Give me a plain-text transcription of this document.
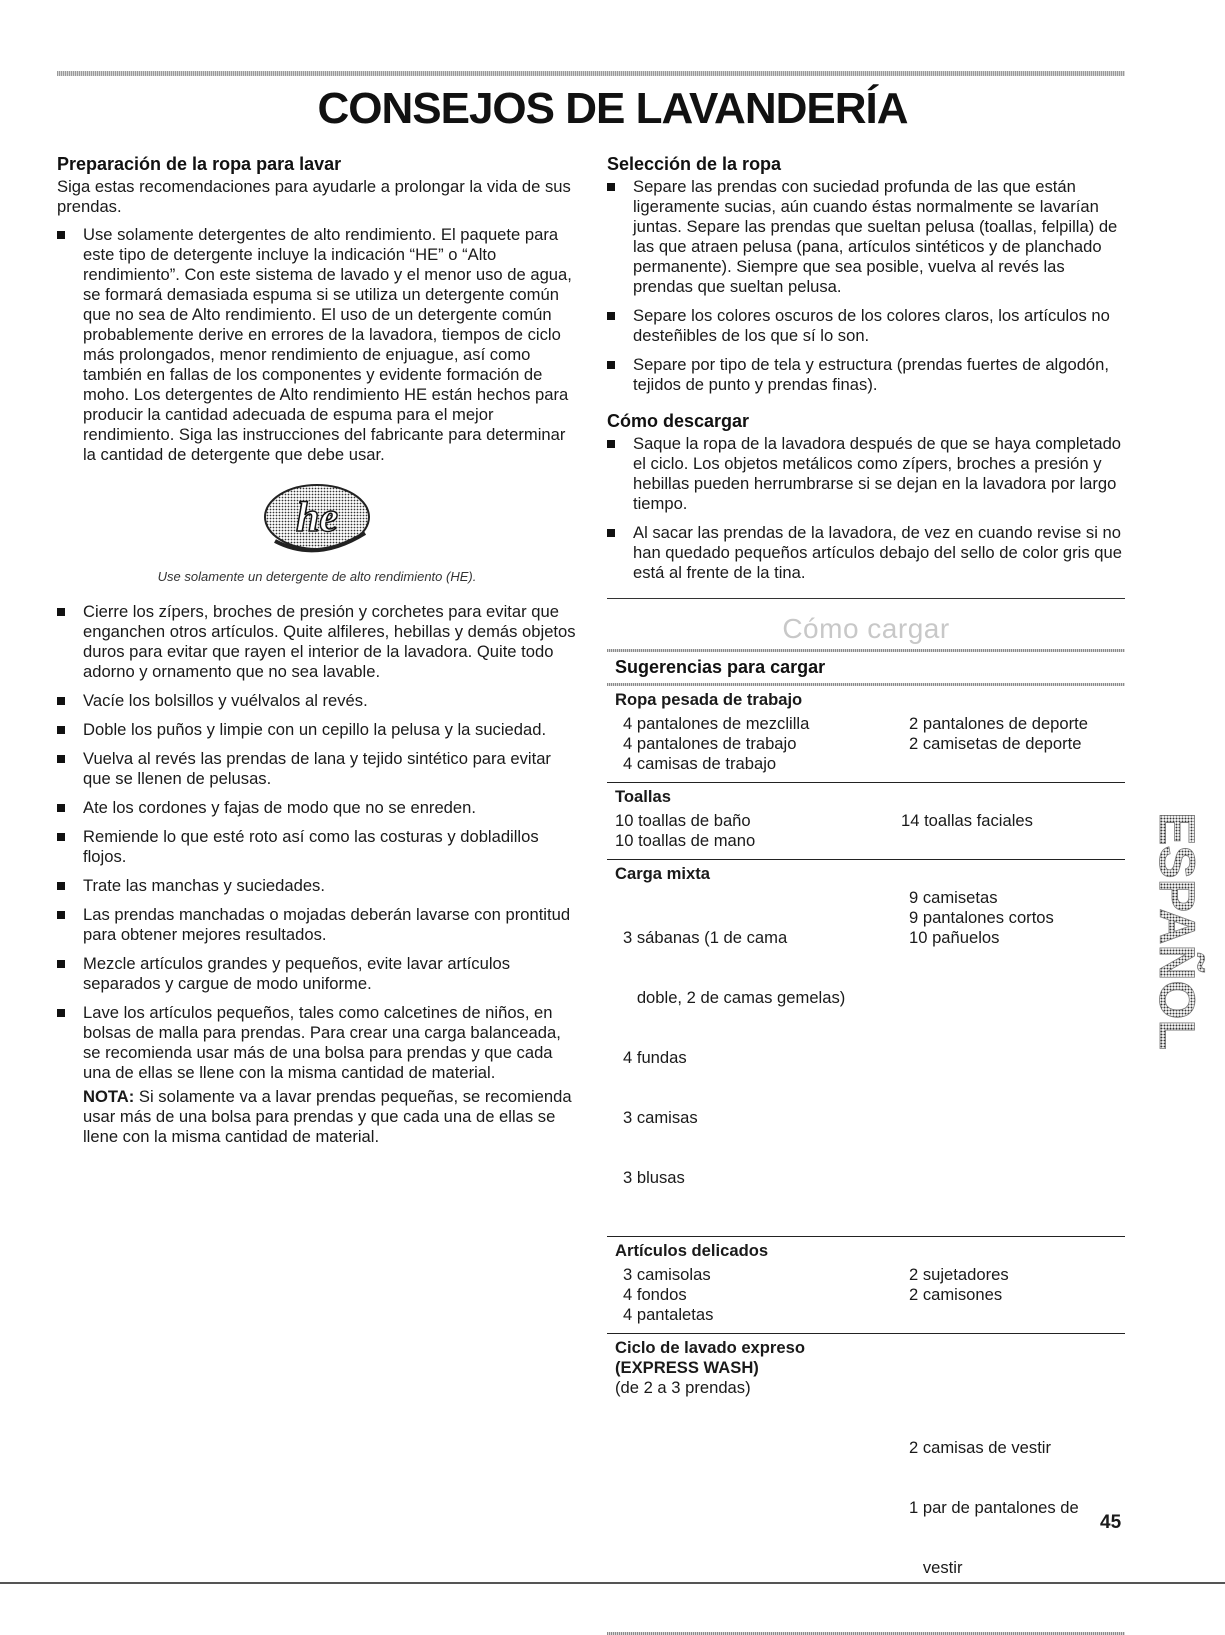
CONSEJOS DE LAVANDERÍA
Preparación de la ropa para lavar

Siga estas recomendaciones para ayudarle a prolongar la vida de sus prendas.

Use solamente detergentes de alto rendimiento. El paquete para este tipo de detergente incluye la indicación “HE” o “Alto rendimiento”. Con este sistema de lavado y el menor uso de agua, se formará demasiada espuma si se utiliza un detergente común que no sea de Alto rendimiento. El uso de un detergente común probablemente derive en errores de la lavadora, tiempos de ciclo más prolongados, menor rendimiento de enjuague, así como también en fallas de los componentes y evidente formación de moho. Los detergentes de Alto rendimiento HE están hechos para producir la cantidad adecuada de espuma para el mejor rendimiento. Siga las instrucciones del fabricante para determinar la cantidad de detergente que debe usar.
he
Use solamente un detergente de alto rendimiento (HE).
Cierre los zípers, broches de presión y corchetes para evitar que enganchen otros artículos. Quite alfileres, hebillas y demás objetos duros para evitar que rayen el interior de la lavadora. Quite todo adorno y ornamento que no sea lavable.
Vacíe los bolsillos y vuélvalos al revés.
Doble los puños y limpie con un cepillo la pelusa y la suciedad.
Vuelva al revés las prendas de lana y tejido sintético para evitar que se llenen de pelusas.
Ate los cordones y fajas de modo que no se enreden.
Remiende lo que esté roto así como las costuras y dobladillos flojos.
Trate las manchas y suciedades.
Las prendas manchadas o mojadas deberán lavarse con prontitud para obtener mejores resultados.
Mezcle artículos grandes y pequeños, evite lavar artículos separados y cargue de modo uniforme.
Lave los artículos pequeños, tales como calcetines de niños, en bolsas de malla para prendas. Para crear una carga balanceada, se recomienda usar más de una bolsa para prendas y que cada una de ellas se llene con la misma cantidad de material.
NOTA: Si solamente va a lavar prendas pequeñas, se recomienda usar más de una bolsa para prendas y que cada una de ellas se llene con la misma cantidad de material.
Selección de la ropa
Separe las prendas con suciedad profunda de las que están ligeramente sucias, aún cuando éstas normalmente se lavarían juntas. Separe las prendas que sueltan pelusa (toallas, felpilla) de las que atraen pelusa (pana, artículos sintéticos y de planchado permanente). Siempre que sea posible, vuelva al revés las prendas que sueltan pelusa.
Separe los colores oscuros de los colores claros, los artículos no desteñibles de los que sí lo son.
Separe por tipo de tela y estructura (prendas fuertes de algodón, tejidos de punto y prendas finas).
Cómo descargar
Saque la ropa de la lavadora después de que se haya completado el ciclo. Los objetos metálicos como zípers, broches a presión y hebillas pueden herrumbrarse si se dejan en la lavadora por largo tiempo.
Al sacar las prendas de la lavadora, de vez en cuando revise si no han quedado pequeños artículos debajo del sello de color gris que está al frente de la tina.
Cómo cargar
Sugerencias para cargar
Ropa pesada de trabajo
4 pantalones de mezclilla
4 pantalones de trabajo
4 camisas de trabajo
2 pantalones de deporte
2 camisetas de deporte
Toallas
10 toallas de baño
10 toallas de mano
14 toallas faciales
Carga mixta

3 sábanas (1 de cama

doble, 2 de camas gemelas)

4 fundas

3 camisas

3 blusas

9 camisetas
9 pantalones cortos
10 pañuelos
Artículos delicados
3 camisolas
4 fondos
4 pantaletas
2 sujetadores
2 camisones
Ciclo de lavado expreso
(EXPRESS WASH)
(de 2 a 3 prendas)

2 camisas de vestir

1 par de pantalones de

vestir

ESPAÑOL
45
